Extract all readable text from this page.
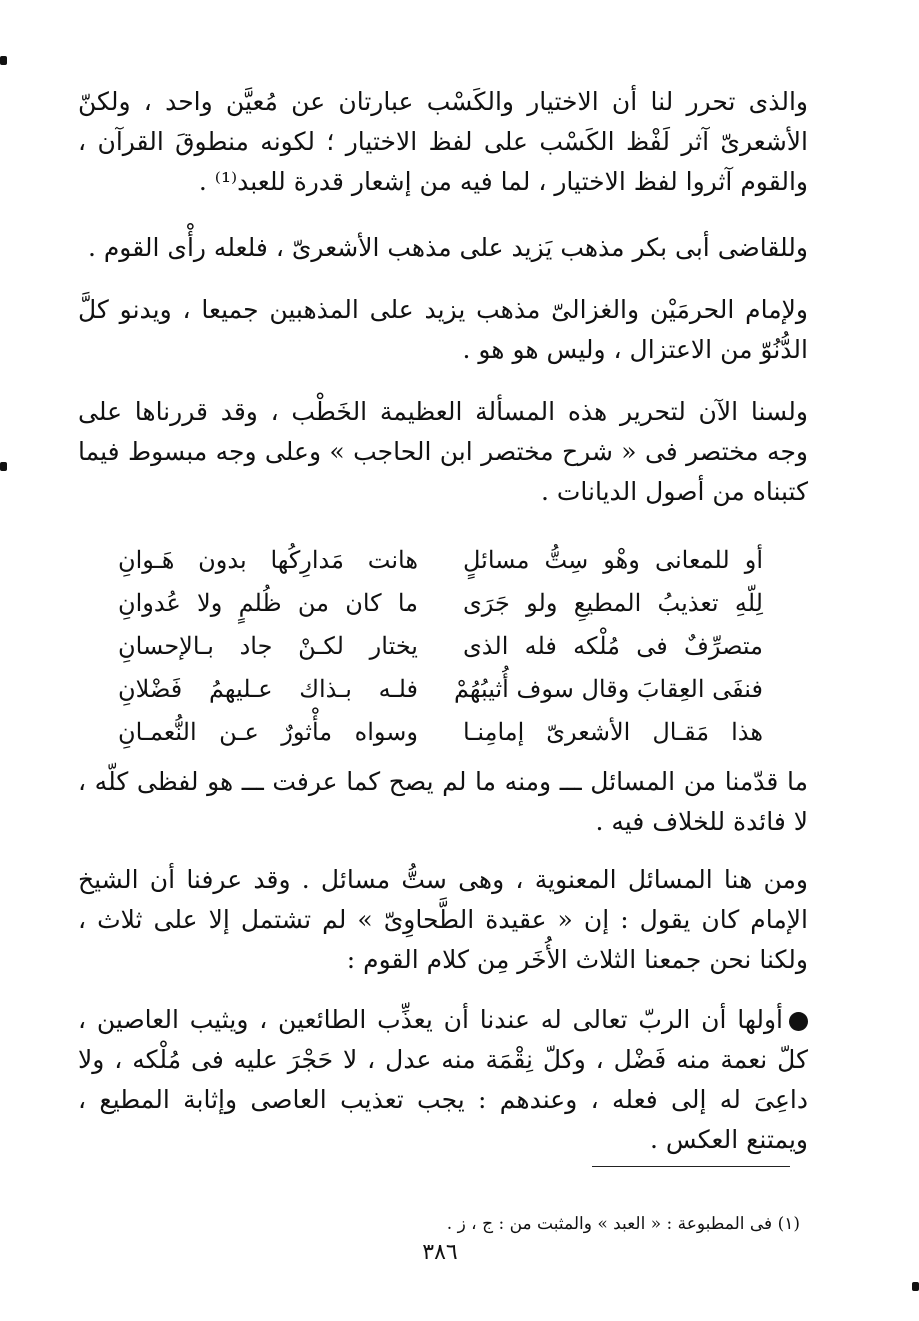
والذى تحرر لنا أن الاختيار والكَسْب عبارتان عن مُعيَّن واحد ، ولكنّ الأشعرىّ آثر لَفْظ الكَسْب على لفظ الاختيار ؛ لكونه منطوقَ القرآن ، والقوم آثروا لفظ الاختيار ، لما فيه من إشعار قدرة للعبد⁽¹⁾ .

وللقاضى أبى بكر مذهب يَزيد على مذهب الأشعرىّ ، فلعله رأْى القوم .

ولإمام الحرمَيْن والغزالىّ مذهب يزيد على المذهبين جميعا ، ويدنو كلَّ الدُّنُوّ من الاعتزال ، وليس هو هو .

ولسنا الآن لتحرير هذه المسألة العظيمة الخَطْب ، وقد قررناها على وجه مختصر فى « شرح مختصر ابن الحاجب » وعلى وجه مبسوط فيما كتبناه من أصول الديانات .

أو للمعانى وهْو سِتُّ مسائلٍ
هانت مَدارِكُها بدون هَـوانِ
لِلّهِ تعذيبُ المطيعِ ولو جَرَى
ما كان من ظُلمٍ ولا عُدوانِ
متصرِّفٌ فى مُلْكه فله الذى
يختار لكـنْ جاد بـالإحسانِ
فنفَى العِقابَ وقال سوف أُثيبُهُمْ
فلـه بـذاك عـليهمُ فَضْلانِ
هذا مَقـال الأشعرىّ إمامِنـا
وسواه مأْثورٌ عـن النُّعمـانِ

ما قدّمنا من المسائل ـــ ومنه ما لم يصح كما عرفت ـــ هو لفظى كلّه ، لا فائدة للخلاف فيه .

ومن هنا المسائل المعنوية ، وهى ستُّ مسائل . وقد عرفنا أن الشيخ الإمام كان يقول : إن « عقيدة الطَّحاوِىّ » لم تشتمل إلا على ثلاث ، ولكنا نحن جمعنا الثلاث الأُخَر مِن كلام القوم :

أولها أن الربّ تعالى له عندنا أن يعذِّب الطائعين ، ويثيب العاصين ، كلّ نعمة منه فَضْل ، وكلّ نِقْمَة منه عدل ، لا حَجْرَ عليه فى مُلْكه ، ولا داعِىَ له إلى فعله ، وعندهم : يجب تعذيب العاصى وإثابة المطيع ، ويمتنع العكس .

(١) فى المطبوعة : « العبد » والمثبت من : ج ، ز .

٣٨٦
